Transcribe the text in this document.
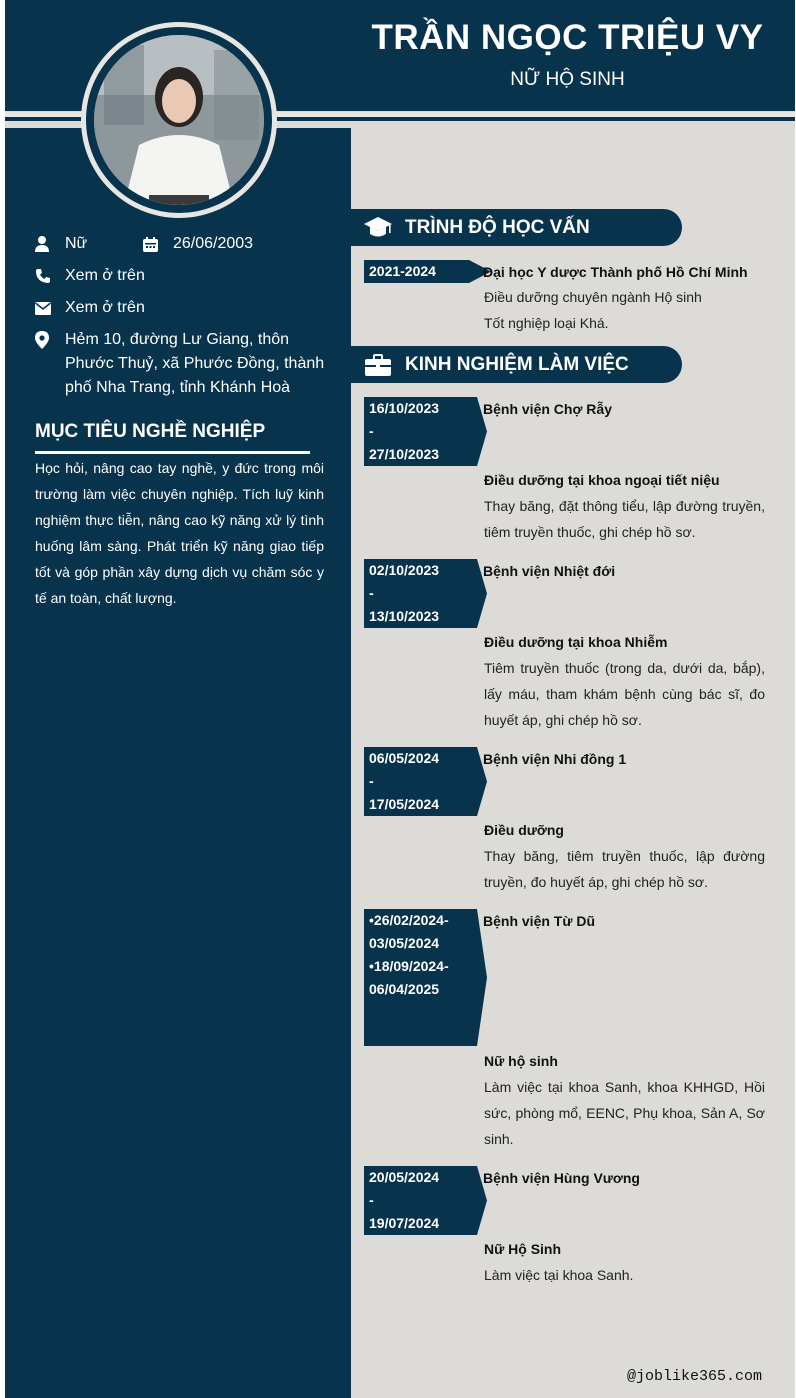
TRẦN NGỌC TRIỆU VY
NỮ HỘ SINH
Nữ	26/06/2003
Xem ở trên
Xem ở trên
Hẻm 10, đường Lư Giang, thôn Phước Thuỷ, xã Phước Đồng, thành phố Nha Trang, tỉnh Khánh Hoà
MỤC TIÊU NGHỀ NGHIỆP
Học hỏi, nâng cao tay nghề, y đức trong môi trường làm việc chuyên nghiệp. Tích luỹ kinh nghiệm thực tiễn, nâng cao kỹ năng xử lý tình huống lâm sàng. Phát triển kỹ năng giao tiếp tốt và góp phần xây dựng dịch vụ chăm sóc y tế an toàn, chất lượng.
TRÌNH ĐỘ HỌC VẤN
2021-2024	Đại học Y dược Thành phố Hồ Chí Minh
Điều dưỡng chuyên ngành Hộ sinh
Tốt nghiệp loại Khá.
KINH NGHIỆM LÀM VIỆC
16/10/2023
-
27/10/2023
Bệnh viện Chợ Rẫy
Điều dưỡng tại khoa ngoại tiết niệu
Thay băng, đặt thông tiểu, lập đường truyền, tiêm truyền thuốc, ghi chép hồ sơ.
02/10/2023
-
13/10/2023
Bệnh viện Nhiệt đới
Điều dưỡng tại khoa Nhiễm
Tiêm truyền thuốc (trong da, dưới da, bắp), lấy máu, tham khám bệnh cùng bác sĩ, đo huyết áp, ghi chép hồ sơ.
06/05/2024
-
17/05/2024
Bệnh viện Nhi đồng 1
Điều dưỡng
Thay băng, tiêm truyền thuốc, lập đường truyền, đo huyết áp, ghi chép hồ sơ.
•26/02/2024-
03/05/2024
•18/09/2024-
06/04/2025
Bệnh viện Từ Dũ
Nữ hộ sinh
Làm việc tại khoa Sanh, khoa KHHGD, Hồi sức, phòng mổ, EENC, Phụ khoa, Sản A, Sơ sinh.
20/05/2024
-
19/07/2024
Bệnh viện Hùng Vương
Nữ Hộ Sinh
Làm việc tại khoa Sanh.
@joblike365.com
